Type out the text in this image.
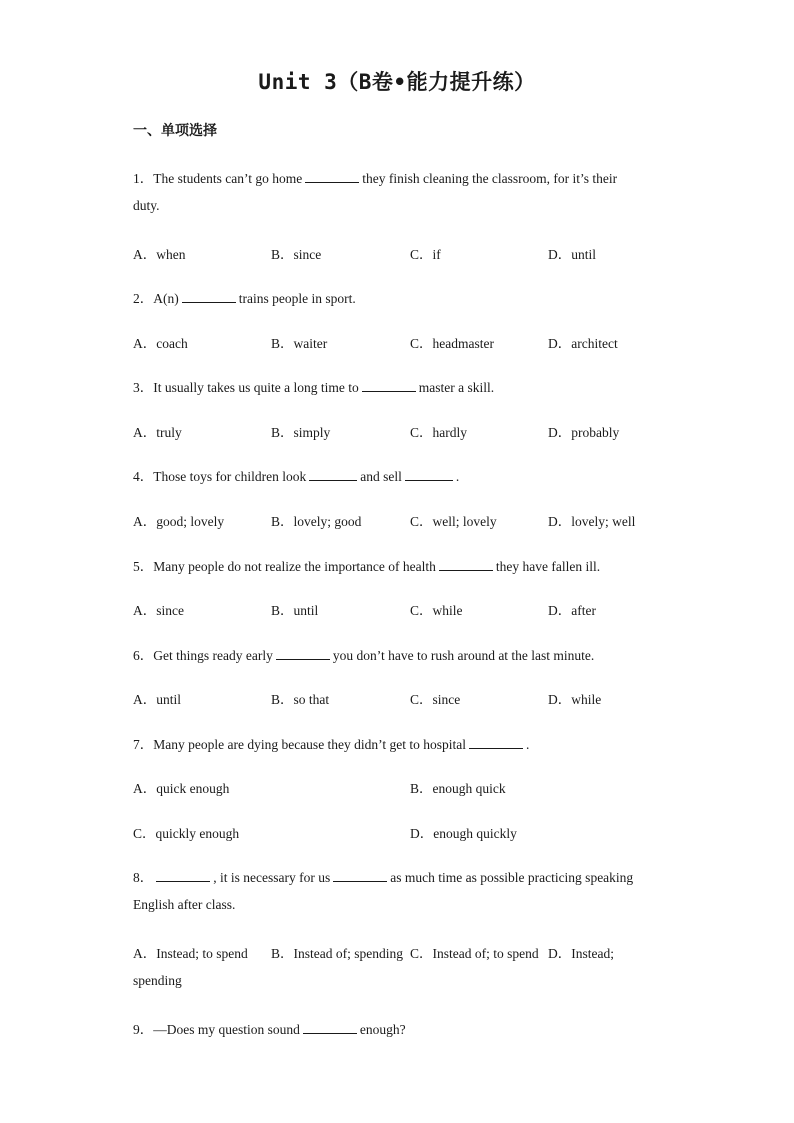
Unit 3（B卷•能力提升练）
一、单项选择
1．The students can’t go home	they finish cleaning the classroom, for it’s their
duty.
A．when	B．since	C．if	D．until
2．A(n)	trains people in sport.
A．coach	B．waiter	C．headmaster	D．architect
3．It usually takes us quite a long time to	master a skill.
A．truly	B．simply	C．hardly	D．probably
4．Those toys for children look	and sell	.
A．good; lovely	B．lovely; good	C．well; lovely	D．lovely; well
5．Many people do not realize the importance of health	they have fallen ill.
A．since	B．until	C．while	D．after
6．Get things ready early	you don’t have to rush around at the last minute.
A．until	B．so that	C．since	D．while
7．Many people are dying because they didn’t get to hospital	.
A．quick enough	B．enough quick
C．quickly enough	D．enough quickly
8．	, it is necessary for us	as much time as possible practicing speaking
English after class.
A．Instead; to spend B．Instead of; spending C．Instead of; to spend D．Instead;
spending
9．—Does my question sound	enough?
